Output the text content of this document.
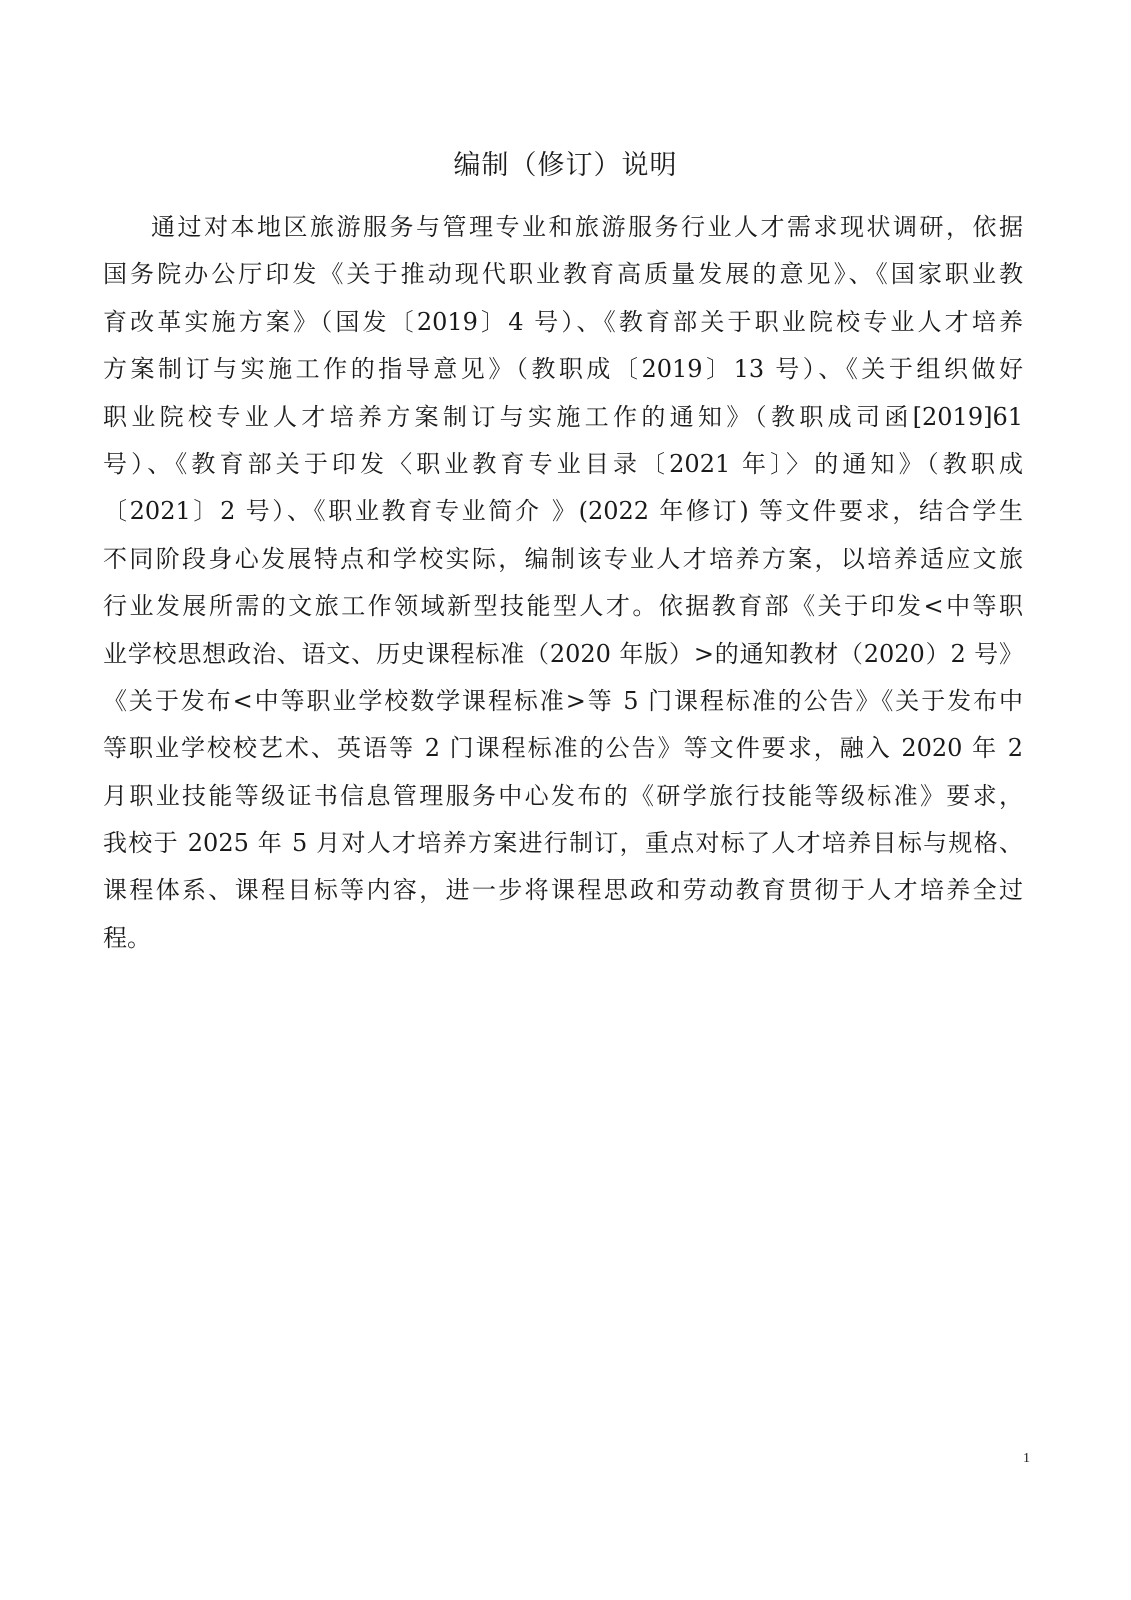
编制（修订）说明
通过对本地区旅游服务与管理专业和旅游服务行业人才需求现状调研，依据
国务院办公厅印发《关于推动现代职业教育高质量发展的意见》、《国家职业教
育改革实施方案》（国发〔2019〕4 号）、《教育部关于职业院校专业人才培养
方案制订与实施工作的指导意见》（教职成〔2019〕13 号）、《关于组织做好
职业院校专业人才培养方案制订与实施工作的通知》（教职成司函[2019]61
号）、《教育部关于印发〈职业教育专业目录〔2021 年〕〉的通知》（教职成
〔2021〕2 号）、《职业教育专业简介 》(2022 年修订) 等文件要求，结合学生
不同阶段身心发展特点和学校实际，编制该专业人才培养方案，以培养适应文旅
行业发展所需的文旅工作领域新型技能型人才。依据教育部《关于印发<中等职
业学校思想政治、语文、历史课程标准（2020 年版）>的通知教材（2020）2 号》
《关于发布<中等职业学校数学课程标准>等 5 门课程标准的公告》《关于发布中
等职业学校校艺术、英语等 2 门课程标准的公告》等文件要求，融入 2020 年 2
月职业技能等级证书信息管理服务中心发布的《研学旅行技能等级标准》要求，
我校于 2025 年 5 月对人才培养方案进行制订，重点对标了人才培养目标与规格、
课程体系、课程目标等内容，进一步将课程思政和劳动教育贯彻于人才培养全过
程。
1
